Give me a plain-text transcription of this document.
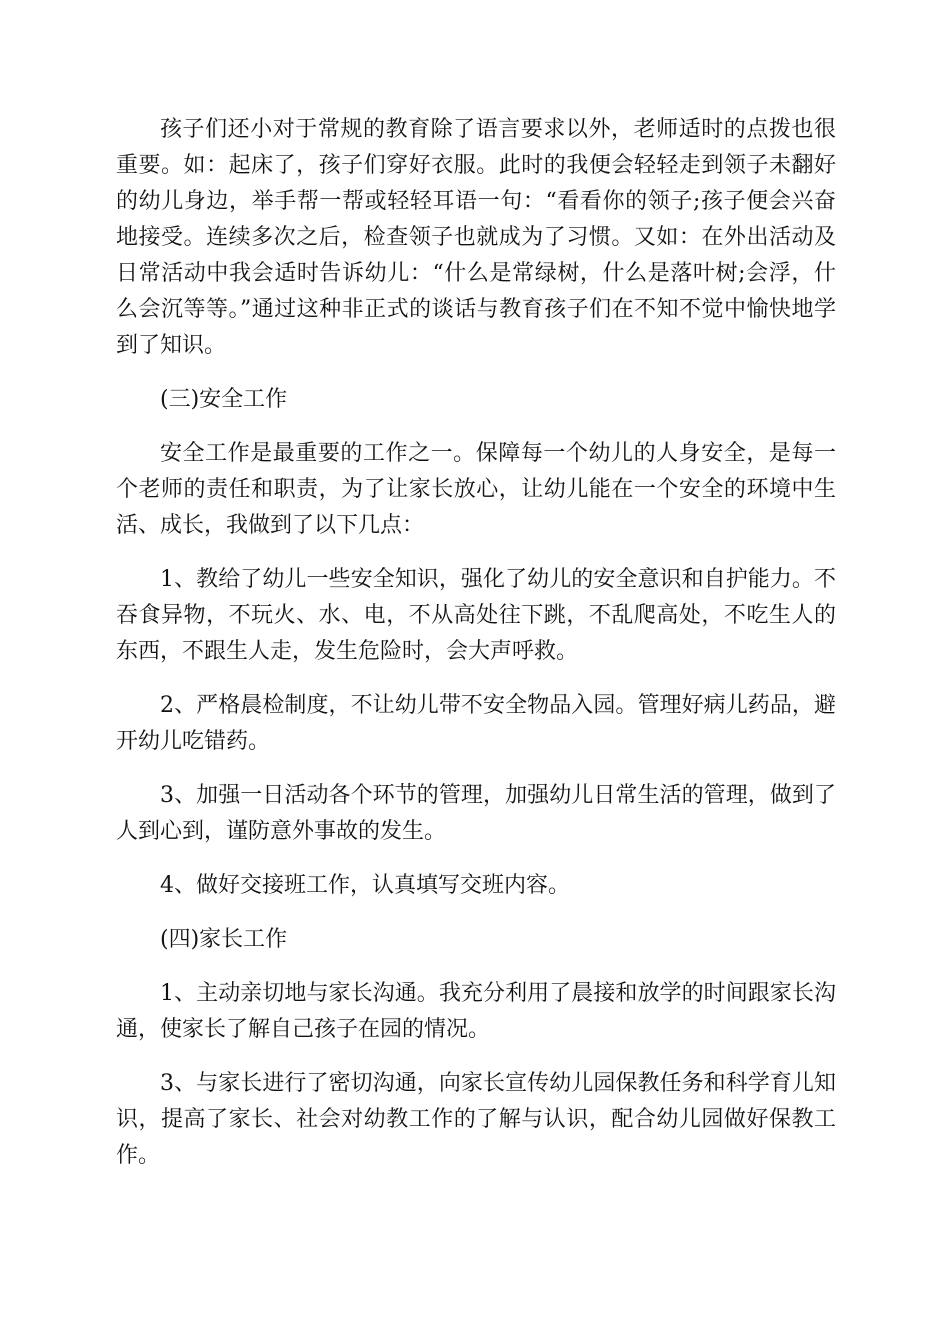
孩子们还小对于常规的教育除了语言要求以外，老师适时的点拨也很重要。如：起床了，孩子们穿好衣服。此时的我便会轻轻走到领子未翻好的幼儿身边，举手帮一帮或轻轻耳语一句：“看看你的领子;孩子便会兴奋地接受。连续多次之后，检查领子也就成为了习惯。又如：在外出活动及日常活动中我会适时告诉幼儿：“什么是常绿树，什么是落叶树;会浮，什么会沉等等。”通过这种非正式的谈话与教育孩子们在不知不觉中愉快地学到了知识。

(三)安全工作

安全工作是最重要的工作之一。保障每一个幼儿的人身安全，是每一个老师的责任和职责，为了让家长放心，让幼儿能在一个安全的环境中生活、成长，我做到了以下几点：

1、教给了幼儿一些安全知识，强化了幼儿的安全意识和自护能力。不吞食异物，不玩火、水、电，不从高处往下跳，不乱爬高处，不吃生人的东西，不跟生人走，发生危险时，会大声呼救。

2、严格晨检制度，不让幼儿带不安全物品入园。管理好病儿药品，避开幼儿吃错药。

3、加强一日活动各个环节的管理，加强幼儿日常生活的管理，做到了人到心到，谨防意外事故的发生。

4、做好交接班工作，认真填写交班内容。

(四)家长工作

1、主动亲切地与家长沟通。我充分利用了晨接和放学的时间跟家长沟通，使家长了解自己孩子在园的情况。

3、与家长进行了密切沟通，向家长宣传幼儿园保教任务和科学育儿知识，提高了家长、社会对幼教工作的了解与认识，配合幼儿园做好保教工作。
